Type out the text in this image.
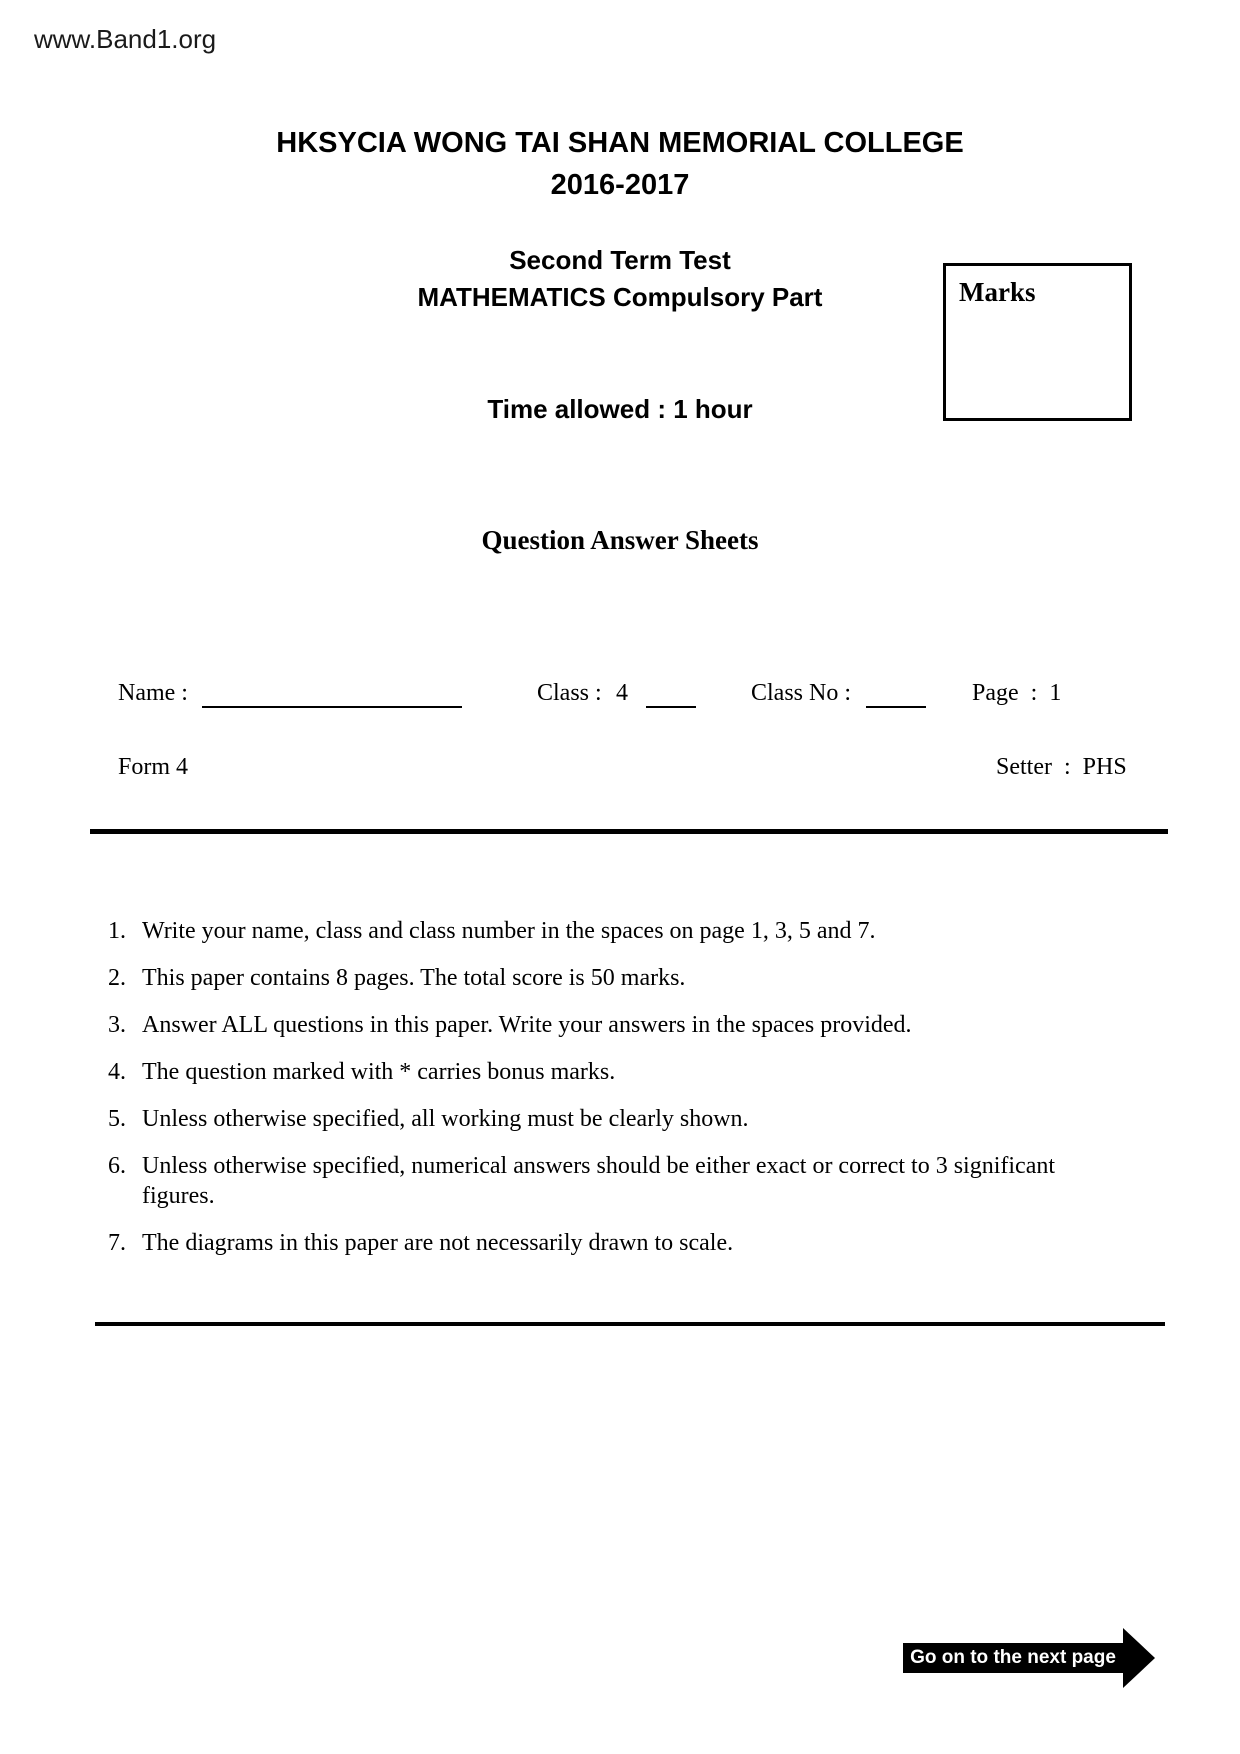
www.Band1.org
HKSYCIA WONG TAI SHAN MEMORIAL COLLEGE
2016-2017
Second Term Test
MATHEMATICS Compulsory Part	Marks
Time allowed : 1 hour
Question Answer Sheets
Name :	Class : 4	Class No :	Page  :  1
Form 4	Setter  :  PHS
1. Write your name, class and class number in the spaces on page 1, 3, 5 and 7.
2. This paper contains 8 pages. The total score is 50 marks.
3. Answer ALL questions in this paper. Write your answers in the spaces provided.
4. The question marked with * carries bonus marks.
5. Unless otherwise specified, all working must be clearly shown.
6. Unless otherwise specified, numerical answers should be either exact or correct to 3 significant
figures.
7. The diagrams in this paper are not necessarily drawn to scale.
Go on to the next page
